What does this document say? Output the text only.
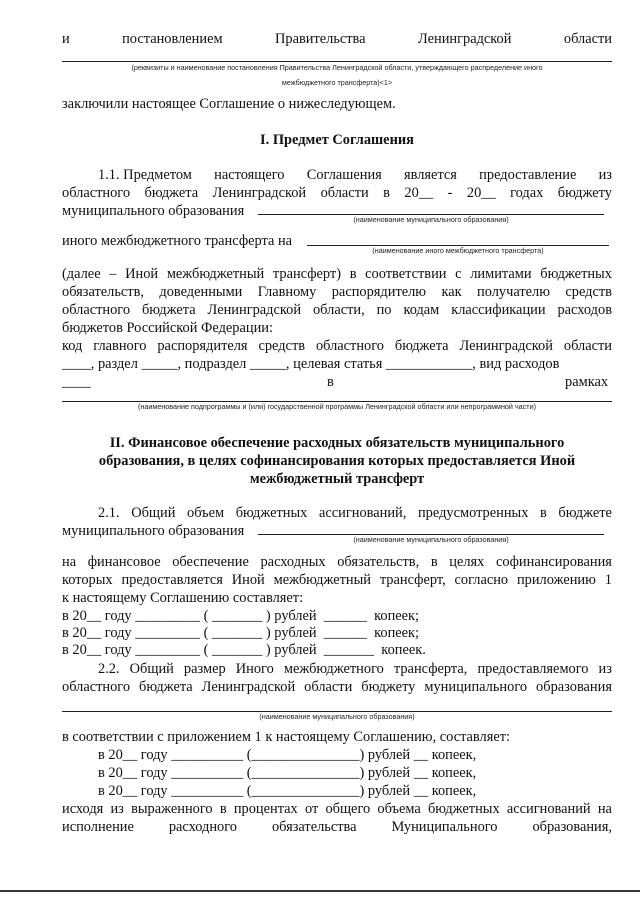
и	постановлением	Правительства	Ленинградской	области
(реквизиты и наименование постановления Правительства Ленинградской области, утверждающего распределение иного
межбюджетного трансферта)<1>
заключили настоящее Соглашение о нижеследующем.
I. Предмет Соглашения
1.1. Предметом настоящего Соглашения является предоставление из
областного бюджета Ленинградской области в 20__ - 20__ годах бюджету
муниципального образования
(наименование муниципального образования)
иного межбюджетного трансферта на
(наименование иного межбюджетного трансферта)
(далее – Иной межбюджетный трансферт) в соответствии с лимитами бюджетных
обязательств, доведенными Главному распорядителю как получателю средств
областного бюджета Ленинградской области, по кодам классификации расходов
бюджетов Российской Федерации:
код главного распорядителя средств областного бюджета Ленинградской области
____, раздел _____, подраздел _____, целевая статья ____________, вид расходов
____	в	рамках
(наименование подпрограммы и (или) государственной программы Ленинградской области или непрограммной части)
II. Финансовое обеспечение расходных обязательств муниципального
образования, в целях софинансирования которых предоставляется Иной
межбюджетный трансферт
2.1. Общий объем бюджетных ассигнований, предусмотренных в бюджете
муниципального образования
(наименование муниципального образования)
на финансовое обеспечение расходных обязательств, в целях софинансирования
которых предоставляется Иной межбюджетный трансферт, согласно приложению 1
к настоящему Соглашению составляет:
в 20__ году _________ ( _______ ) рублей  ______  копеек;
в 20__ году _________ ( _______ ) рублей  ______  копеек;
в 20__ году _________ ( _______ ) рублей  _______  копеек.
2.2. Общий размер Иного межбюджетного трансферта, предоставляемого из
областного бюджета Ленинградской области бюджету муниципального образования
(наименование муниципального образования)
в соответствии с приложением 1 к настоящему Соглашению, составляет:
в 20__ году __________ (_______________) рублей __ копеек,
в 20__ году __________ (_______________) рублей __ копеек,
в 20__ году __________ (_______________) рублей __ копеек,
исходя из выраженного в процентах от общего объема бюджетных ассигнований на
исполнение расходного обязательства Муниципального образования,
